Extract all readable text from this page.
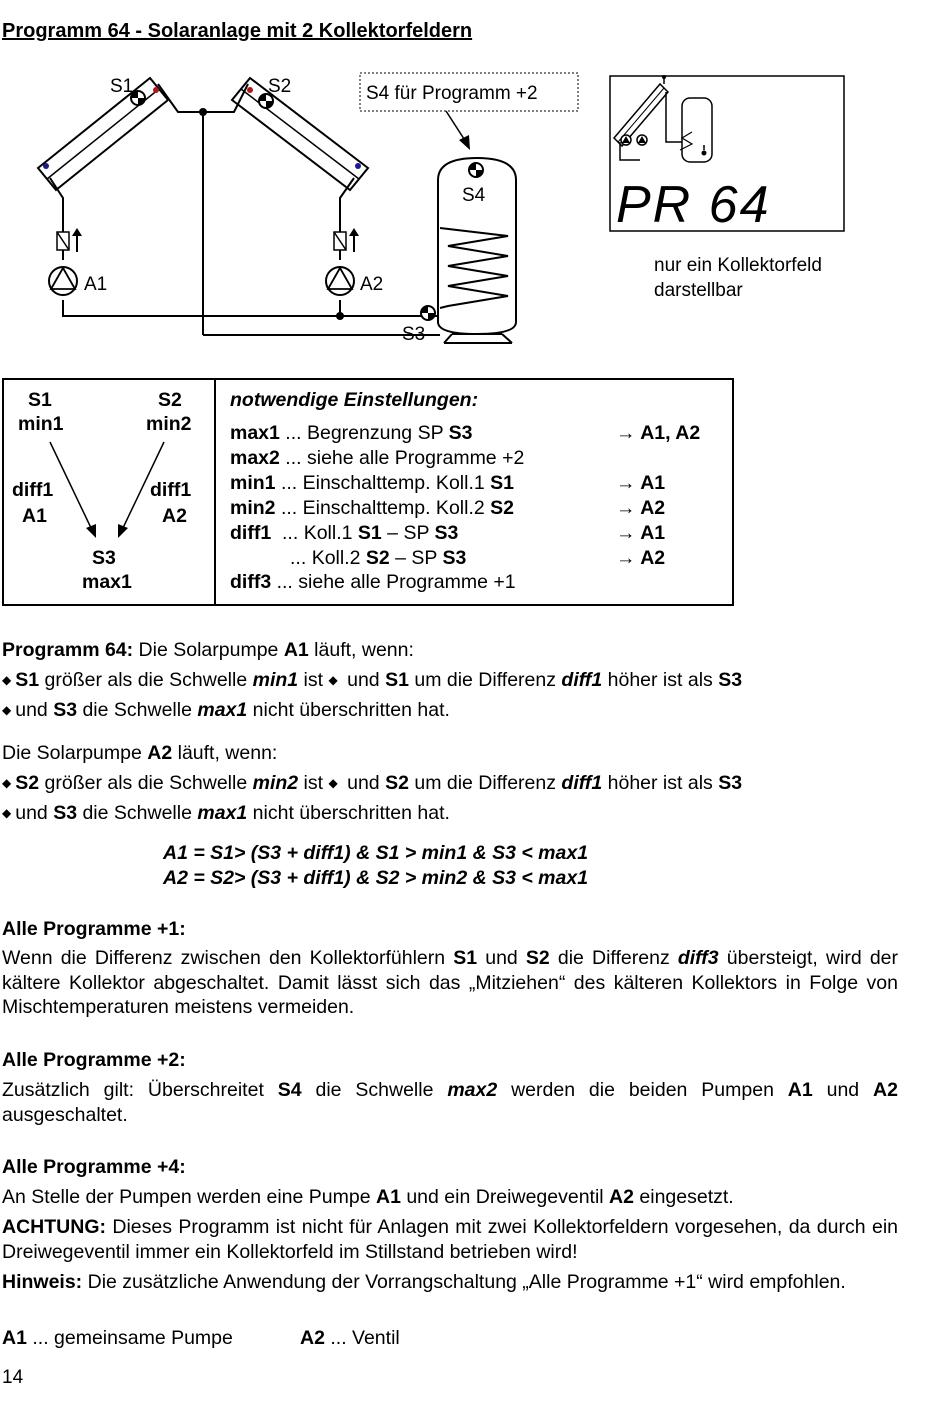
Programm 64 - Solaranlage mit 2 Kollektorfeldern
S1	S2
A1	A2
S3
S4
S4 für Programm +2
PR 64
nur ein Kollektorfeld
darstellbar
S1
min1
S2
min2
diff1
A1
diff1
A2
S3
max1
notwendige Einstellungen:
max1 ... Begrenzung SP S3	→ A1, A2
max2 ... siehe alle Programme +2
min1 ... Einschalttemp. Koll.1 S1	→ A1
min2 ... Einschalttemp. Koll.2 S2	→ A2
diff1 ... Koll.1 S1 – SP S3	→ A1
... Koll.2 S2 – SP S3	→ A2
diff3 ... siehe alle Programme +1
Programm 64: Die Solarpumpe A1 läuft, wenn:
◆ S1 größer als die Schwelle min1 ist ◆ und S1 um die Differenz diff1 höher ist als S3
◆ und S3 die Schwelle max1 nicht überschritten hat.
Die Solarpumpe A2 läuft, wenn:
◆ S2 größer als die Schwelle min2 ist ◆ und S2 um die Differenz diff1 höher ist als S3
◆ und S3 die Schwelle max1 nicht überschritten hat.
A1 = S1> (S3 + diff1) & S1 > min1 & S3 < max1
A2 = S2> (S3 + diff1) & S2 > min2 & S3 < max1
Alle Programme +1:
Wenn die Differenz zwischen den Kollektorfühlern S1 und S2 die Differenz diff3 übersteigt, wird der kältere Kollektor abgeschaltet. Damit lässt sich das „Mitziehen“ des kälteren Kollektors in Folge von Mischtemperaturen meistens vermeiden.
Alle Programme +2:
Zusätzlich gilt: Überschreitet S4 die Schwelle max2 werden die beiden Pumpen A1 und A2 ausgeschaltet.
Alle Programme +4:
An Stelle der Pumpen werden eine Pumpe A1 und ein Dreiwegeventil A2 eingesetzt.
ACHTUNG: Dieses Programm ist nicht für Anlagen mit zwei Kollektorfeldern vorgesehen, da durch ein Dreiwegeventil immer ein Kollektorfeld im Stillstand betrieben wird!
Hinweis: Die zusätzliche Anwendung der Vorrangschaltung „Alle Programme +1“ wird empfohlen.
A1 ... gemeinsame Pumpe	A2 ... Ventil
14
